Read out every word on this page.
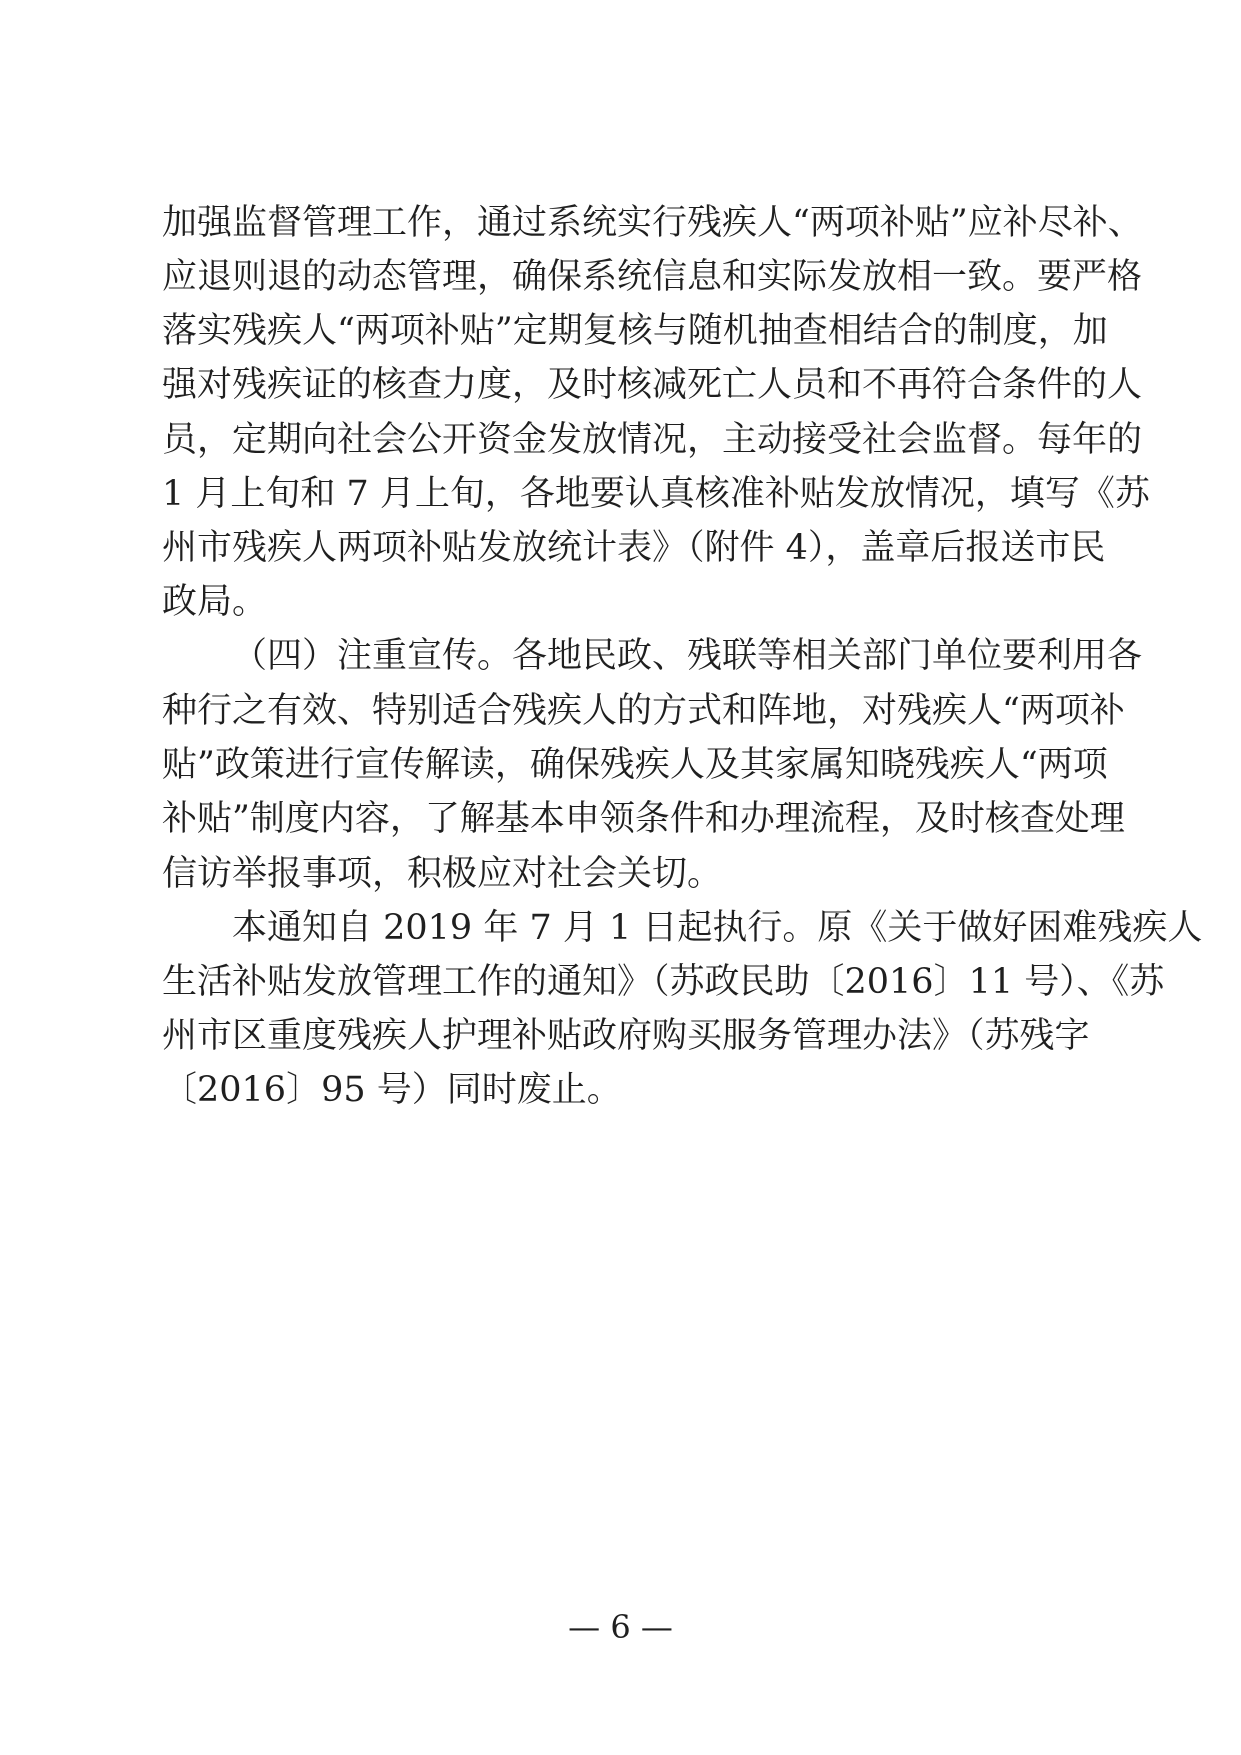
加强监督管理工作，通过系统实行残疾人“两项补贴”应补尽补、
应退则退的动态管理，确保系统信息和实际发放相一致。要严格
落实残疾人“两项补贴”定期复核与随机抽查相结合的制度，加
强对残疾证的核查力度，及时核减死亡人员和不再符合条件的人
员，定期向社会公开资金发放情况，主动接受社会监督。每年的
1 月上旬和 7 月上旬，各地要认真核准补贴发放情况，填写《苏
州市残疾人两项补贴发放统计表》（附件 4），盖章后报送市民
政局。
（四）注重宣传。各地民政、残联等相关部门单位要利用各
种行之有效、特别适合残疾人的方式和阵地，对残疾人“两项补
贴”政策进行宣传解读，确保残疾人及其家属知晓残疾人“两项
补贴”制度内容，了解基本申领条件和办理流程，及时核查处理
信访举报事项，积极应对社会关切。
本通知自 2019 年 7 月 1 日起执行。原《关于做好困难残疾人
生活补贴发放管理工作的通知》（苏政民助〔2016〕11 号）、《苏
州市区重度残疾人护理补贴政府购买服务管理办法》（苏残字
〔2016〕95 号）同时废止。
— 6 —
